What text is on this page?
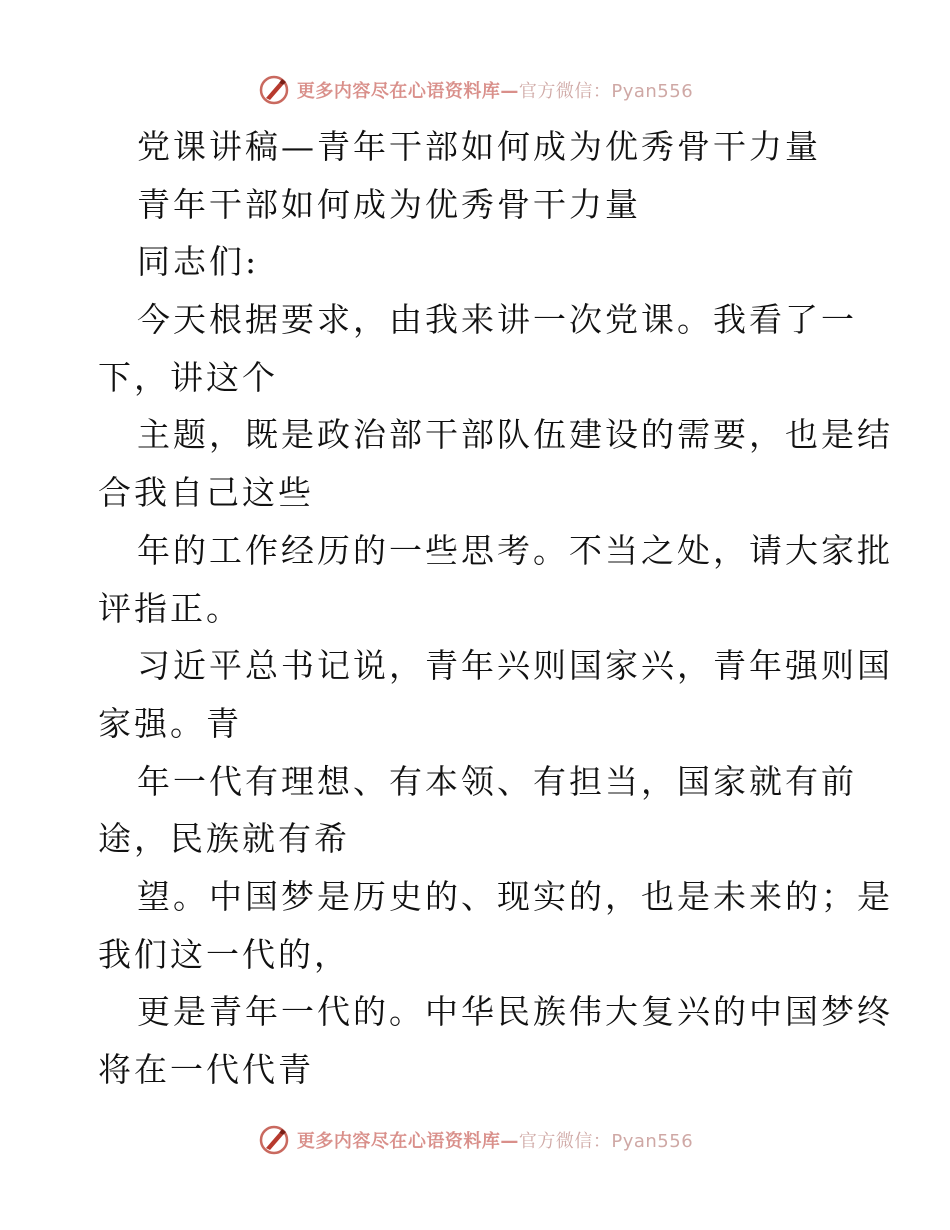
更多内容尽在心语资料库—官方微信：Pyan556
党课讲稿—青年干部如何成为优秀骨干力量
青年干部如何成为优秀骨干力量
同志们:
今天根据要求，由我来讲一次党课。我看了一
下，讲这个
主题，既是政治部干部队伍建设的需要，也是结
合我自己这些
年的工作经历的一些思考。不当之处，请大家批
评指正。
习近平总书记说，青年兴则国家兴，青年强则国
家强。青
年一代有理想、有本领、有担当，国家就有前
途，民族就有希
望。中国梦是历史的、现实的，也是未来的；是
我们这一代的，
更是青年一代的。中华民族伟大复兴的中国梦终
将在一代代青
更多内容尽在心语资料库—官方微信：Pyan556
